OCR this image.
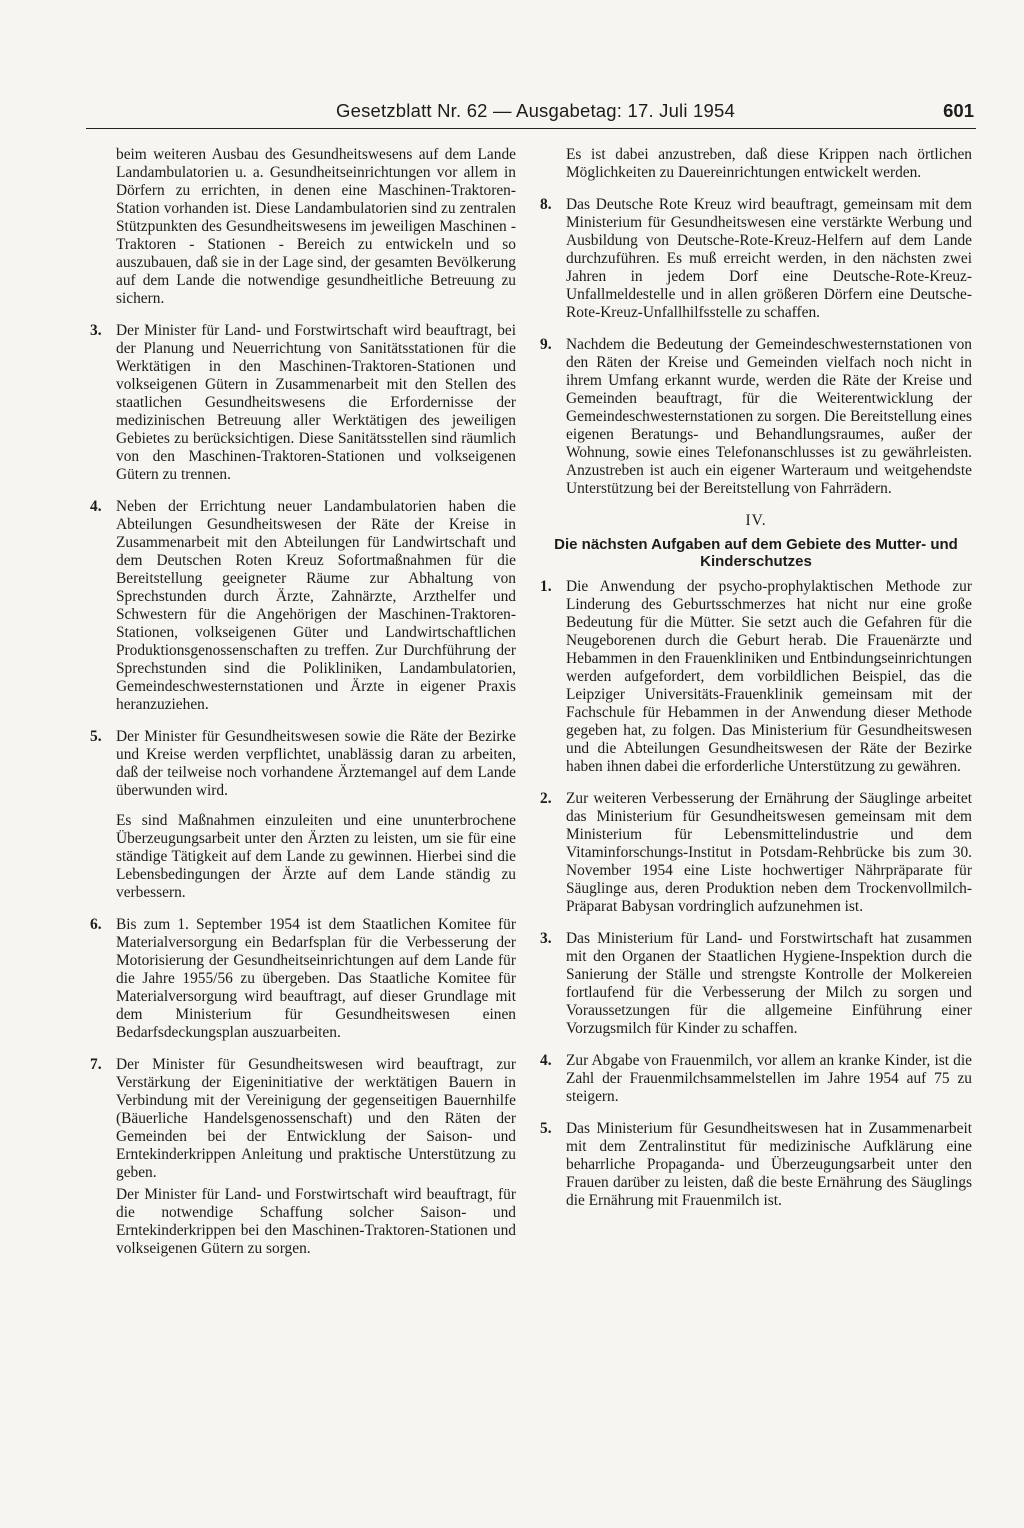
Gesetzblatt Nr. 62 — Ausgabetag: 17. Juli 1954	601

beim weiteren Ausbau des Gesundheitswesens auf dem Lande Landambulatorien u. a. Gesundheitseinrichtungen vor allem in Dörfern zu errichten, in denen eine Maschinen-Traktoren-Station vorhanden ist. Diese Landambulatorien sind zu zentralen Stützpunkten des Gesundheitswesens im jeweiligen Maschinen - Traktoren - Stationen - Bereich zu entwickeln und so auszubauen, daß sie in der Lage sind, der gesamten Bevölkerung auf dem Lande die notwendige gesundheitliche Betreuung zu sichern.

3. Der Minister für Land- und Forstwirtschaft wird beauftragt, bei der Planung und Neuerrichtung von Sanitätsstationen für die Werktätigen in den Maschinen-Traktoren-Stationen und volkseigenen Gütern in Zusammenarbeit mit den Stellen des staatlichen Gesundheitswesens die Erfordernisse der medizinischen Betreuung aller Werktätigen des jeweiligen Gebietes zu berücksichtigen. Diese Sanitätsstellen sind räumlich von den Maschinen-Traktoren-Stationen und volkseigenen Gütern zu trennen.

4. Neben der Errichtung neuer Landambulatorien haben die Abteilungen Gesundheitswesen der Räte der Kreise in Zusammenarbeit mit den Abteilungen für Landwirtschaft und dem Deutschen Roten Kreuz Sofortmaßnahmen für die Bereitstellung geeigneter Räume zur Abhaltung von Sprechstunden durch Ärzte, Zahnärzte, Arzthelfer und Schwestern für die Angehörigen der Maschinen-Traktoren-Stationen, volkseigenen Güter und Landwirtschaftlichen Produktionsgenossenschaften zu treffen. Zur Durchführung der Sprechstunden sind die Polikliniken, Landambulatorien, Gemeindeschwesternstationen und Ärzte in eigener Praxis heranzuziehen.

5. Der Minister für Gesundheitswesen sowie die Räte der Bezirke und Kreise werden verpflichtet, unablässig daran zu arbeiten, daß der teilweise noch vorhandene Ärztemangel auf dem Lande überwunden wird.

Es sind Maßnahmen einzuleiten und eine ununterbrochene Überzeugungsarbeit unter den Ärzten zu leisten, um sie für eine ständige Tätigkeit auf dem Lande zu gewinnen. Hierbei sind die Lebensbedingungen der Ärzte auf dem Lande ständig zu verbessern.

6. Bis zum 1. September 1954 ist dem Staatlichen Komitee für Materialversorgung ein Bedarfsplan für die Verbesserung der Motorisierung der Gesundheitseinrichtungen auf dem Lande für die Jahre 1955/56 zu übergeben. Das Staatliche Komitee für Materialversorgung wird beauftragt, auf dieser Grundlage mit dem Ministerium für Gesundheitswesen einen Bedarfsdeckungsplan auszuarbeiten.

7. Der Minister für Gesundheitswesen wird beauftragt, zur Verstärkung der Eigeninitiative der werktätigen Bauern in Verbindung mit der Vereinigung der gegenseitigen Bauernhilfe (Bäuerliche Handelsgenossenschaft) und den Räten der Gemeinden bei der Entwicklung der Saison- und Erntekinderkrippen Anleitung und praktische Unterstützung zu geben.

Der Minister für Land- und Forstwirtschaft wird beauftragt, für die notwendige Schaffung solcher Saison- und Erntekinderkrippen bei den Maschinen-Traktoren-Stationen und volkseigenen Gütern zu sorgen.

Es ist dabei anzustreben, daß diese Krippen nach örtlichen Möglichkeiten zu Dauereinrichtungen entwickelt werden.

8. Das Deutsche Rote Kreuz wird beauftragt, gemeinsam mit dem Ministerium für Gesundheitswesen eine verstärkte Werbung und Ausbildung von Deutsche-Rote-Kreuz-Helfern auf dem Lande durchzuführen. Es muß erreicht werden, in den nächsten zwei Jahren in jedem Dorf eine Deutsche-Rote-Kreuz-Unfallmeldestelle und in allen größeren Dörfern eine Deutsche-Rote-Kreuz-Unfallhilfsstelle zu schaffen.

9. Nachdem die Bedeutung der Gemeindeschwesternstationen von den Räten der Kreise und Gemeinden vielfach noch nicht in ihrem Umfang erkannt wurde, werden die Räte der Kreise und Gemeinden beauftragt, für die Weiterentwicklung der Gemeindeschwesternstationen zu sorgen. Die Bereitstellung eines eigenen Beratungs- und Behandlungsraumes, außer der Wohnung, sowie eines Telefonanschlusses ist zu gewährleisten. Anzustreben ist auch ein eigener Warteraum und weitgehendste Unterstützung bei der Bereitstellung von Fahrrädern.

IV.
Die nächsten Aufgaben auf dem Gebiete des Mutter- und Kinderschutzes
1. Die Anwendung der psycho-prophylaktischen Methode zur Linderung des Geburtsschmerzes hat nicht nur eine große Bedeutung für die Mütter. Sie setzt auch die Gefahren für die Neugeborenen durch die Geburt herab. Die Frauenärzte und Hebammen in den Frauenkliniken und Entbindungseinrichtungen werden aufgefordert, dem vorbildlichen Beispiel, das die Leipziger Universitäts-Frauenklinik gemeinsam mit der Fachschule für Hebammen in der Anwendung dieser Methode gegeben hat, zu folgen. Das Ministerium für Gesundheitswesen und die Abteilungen Gesundheitswesen der Räte der Bezirke haben ihnen dabei die erforderliche Unterstützung zu gewähren.

2. Zur weiteren Verbesserung der Ernährung der Säuglinge arbeitet das Ministerium für Gesundheitswesen gemeinsam mit dem Ministerium für Lebensmittelindustrie und dem Vitaminforschungs-Institut in Potsdam-Rehbrücke bis zum 30. November 1954 eine Liste hochwertiger Nährpräparate für Säuglinge aus, deren Produktion neben dem Trockenvollmilch-Präparat Babysan vordringlich aufzunehmen ist.

3. Das Ministerium für Land- und Forstwirtschaft hat zusammen mit den Organen der Staatlichen Hygiene-Inspektion durch die Sanierung der Ställe und strengste Kontrolle der Molkereien fortlaufend für die Verbesserung der Milch zu sorgen und Voraussetzungen für die allgemeine Einführung einer Vorzugsmilch für Kinder zu schaffen.

4. Zur Abgabe von Frauenmilch, vor allem an kranke Kinder, ist die Zahl der Frauenmilchsammelstellen im Jahre 1954 auf 75 zu steigern.

5. Das Ministerium für Gesundheitswesen hat in Zusammenarbeit mit dem Zentralinstitut für medizinische Aufklärung eine beharrliche Propaganda- und Überzeugungsarbeit unter den Frauen darüber zu leisten, daß die beste Ernährung des Säuglings die Ernährung mit Frauenmilch ist.
